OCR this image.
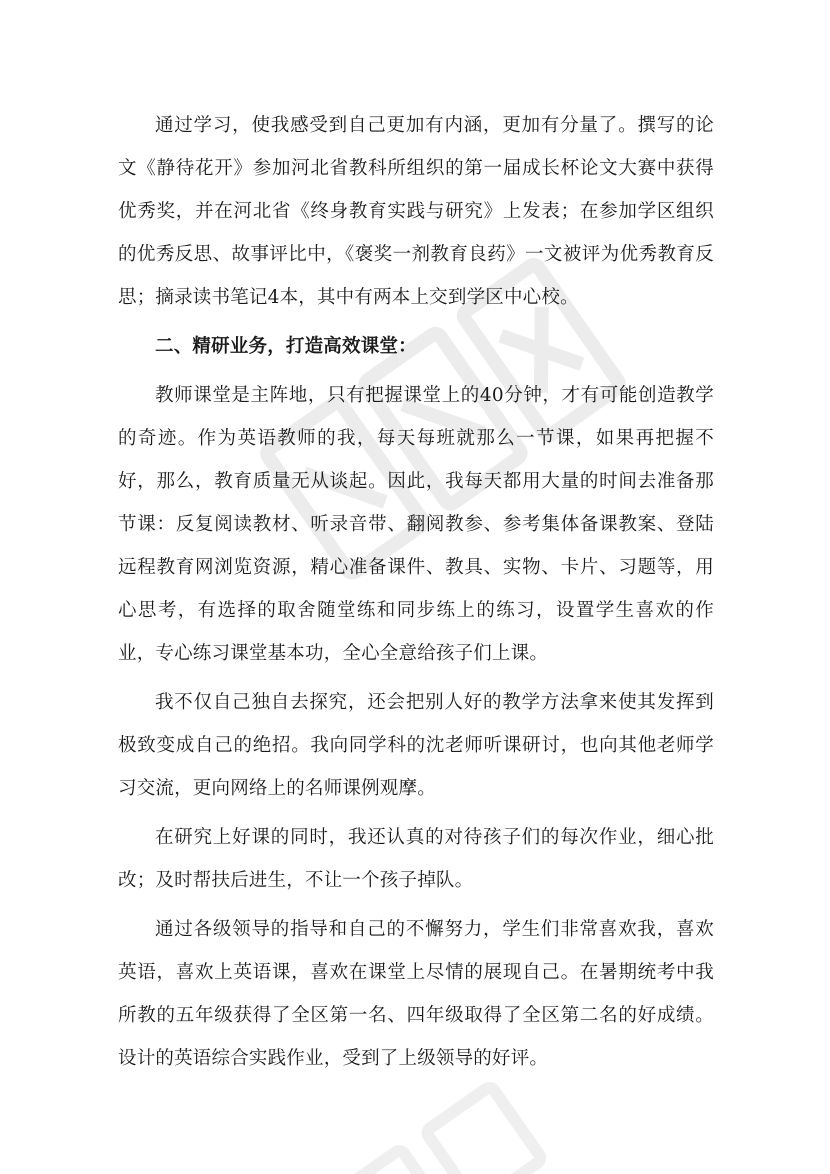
通过学习，使我感受到自己更加有内涵，更加有分量了。撰写的论文《静待花开》参加河北省教科所组织的第一届成长杯论文大赛中获得优秀奖，并在河北省《终身教育实践与研究》上发表；在参加学区组织的优秀反思、故事评比中，《褒奖一剂教育良药》一文被评为优秀教育反思；摘录读书笔记4本，其中有两本上交到学区中心校。

二、精研业务，打造高效课堂：

教师课堂是主阵地，只有把握课堂上的40分钟，才有可能创造教学的奇迹。作为英语教师的我，每天每班就那么一节课，如果再把握不好，那么，教育质量无从谈起。因此，我每天都用大量的时间去准备那节课：反复阅读教材、听录音带、翻阅教参、参考集体备课教案、登陆远程教育网浏览资源，精心准备课件、教具、实物、卡片、习题等，用心思考，有选择的取舍随堂练和同步练上的练习，设置学生喜欢的作业，专心练习课堂基本功，全心全意给孩子们上课。

我不仅自己独自去探究，还会把别人好的教学方法拿来使其发挥到极致变成自己的绝招。我向同学科的沈老师听课研讨，也向其他老师学习交流，更向网络上的名师课例观摩。

在研究上好课的同时，我还认真的对待孩子们的每次作业，细心批改；及时帮扶后进生，不让一个孩子掉队。

通过各级领导的指导和自己的不懈努力，学生们非常喜欢我，喜欢英语，喜欢上英语课，喜欢在课堂上尽情的展现自己。在暑期统考中我所教的五年级获得了全区第一名、四年级取得了全区第二名的好成绩。设计的英语综合实践作业，受到了上级领导的好评。
